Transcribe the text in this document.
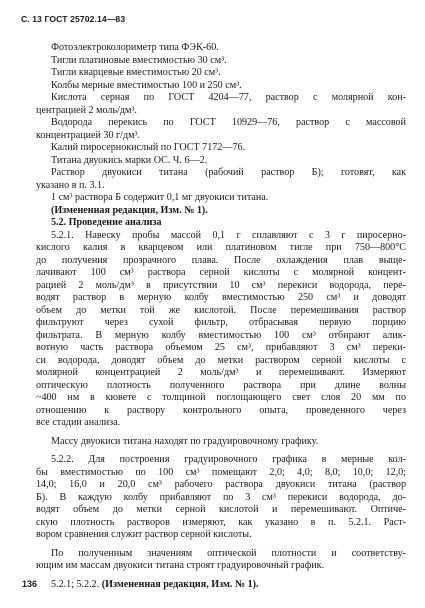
С. 13 ГОСТ 25702.14—83
Фотоэлектроколориметр типа ФЭК-60.
Тигли платиновые вместимостью 30 см³.
Тигли кварцевые вместимостью 20 см³.
Колбы мерные вместимостью 100 и 250 см³.
Кислота серная по ГОСТ 4204—77, раствор с молярной кон-
центрацией 2 моль/дм³.
Водорода перекись по ГОСТ 10929—76, раствор с массовой
концентрацией 30 г/дм³.
Калий пиросернокислый по ГОСТ 7172—76.
Титана двуокись марки ОС. Ч. 6—2.
Раствор двуокиси титана (рабочий раствор Б); готовят, как
указано в п. 3.1.
1 см³ раствора Б содержит 0,1 мг двуокиси титана.
(Измененная редакция, Изм. № 1).
5.2. Проведение анализа
5.2.1. Навеску пробы массой 0,1 г сплавляют с 3 г пиросерно-
кислого калия в кварцевом или платиновом тигле при 750—800°С
до получения прозрачного плава. После охлаждения плав выще-
лачивают 100 см³ раствора серной кислоты с молярной концент-
рацией 2 моль/дм³ в присутствии 10 см³ перекиси водорода, пере-
водят раствор в мерную колбу вместимостью 250 см³ и доводят
объем до метки той же кислотой. После перемешивания раствор
фильтруют через сухой фильтр, отбрасывая первую порцию
фильтрата. В мерную колбу вместимостью 100 см³ отбирают алик-
вотную часть раствора объемом 25 см³, прибавляют 3 см³ переки-
си водорода, доводят объем до метки раствором серной кислоты с
молярной концентрацией 2 моль/дм³ и перемешивают. Измеряют
оптическую плотность полученного раствора при длине волны
~400 нм в кювете с толщиной поглощающего свет слоя 20 мм по
отношению к раствору контрольного опыта, проведенного через
все стадии анализа.
Массу двуокиси титана находят по градуировочному графику.
5.2.2. Для построения градуировочного графика в мерные кол-
бы вместимостью по 100 см³ помещают 2,0; 4,0; 8,0; 10,0; 12,0;
14,0; 16,0 и 20,0 см³ рабочего раствора двуокиси титана (раствор
Б). В каждую колбу прибавляют по 3 см³ перекиси водорода, до-
водят объем до метки серной кислотой и перемешивают. Оптиче-
скую плотность растворов измеряют, как указано в п. 5.2.1. Раст-
вором сравнения служит раствор серной кислоты.
По полученным значениям оптической плотности и соответству-
ющим им массам двуокиси титана строят градуировочный график.
5.2.1; 5.2.2. (Измененная редакция, Изм. № 1).
136
